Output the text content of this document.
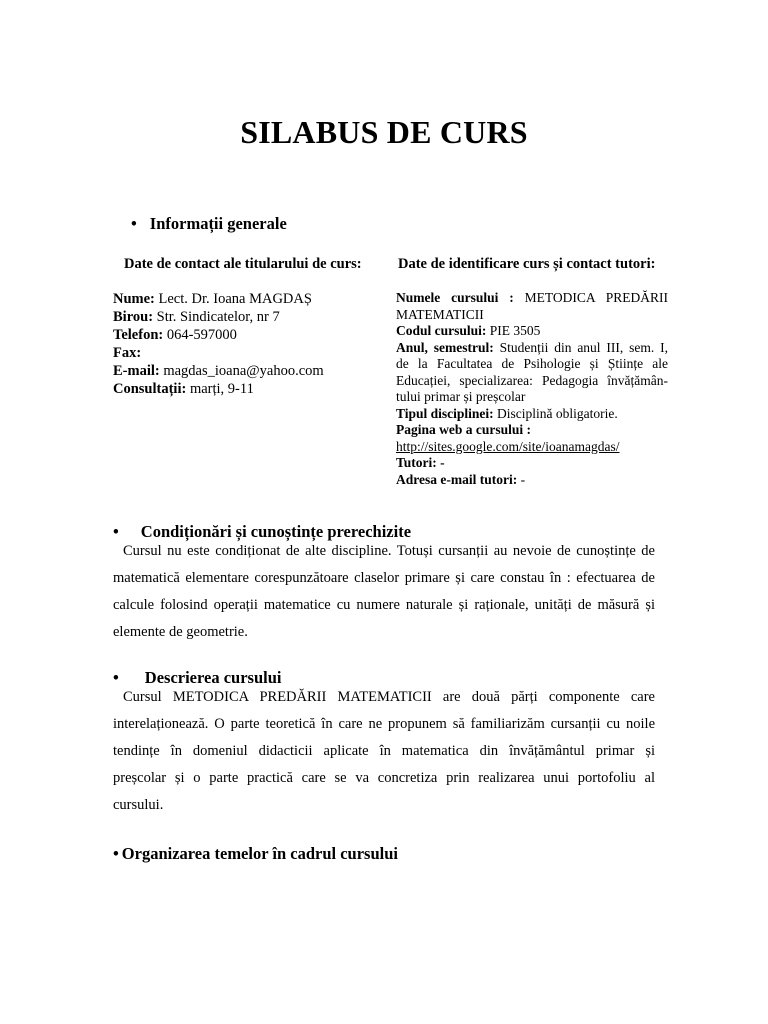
SILABUS DE CURS
• Informații generale
Date de contact ale titularului de curs:	Date de identificare curs și contact tutori:
Nume: Lect. Dr. Ioana MAGDAȘ
Birou: Str. Sindicatelor, nr 7
Telefon: 064-597000
Fax:
E-mail: magdas_ioana@yahoo.com
Consultații: marți, 9-11
Numele cursului : METODICA PREDĂRII
MATEMATICII
Codul cursului: PIE 3505
Anul, semestrul: Studenții din anul III, sem. I,
de la Facultatea de Psihologie și Științe ale
Educației, specializarea: Pedagogia învățămân-
tului primar și preșcolar
Tipul disciplinei: Disciplină obligatorie.
Pagina web a cursului :
http://sites.google.com/site/ioanamagdas/
Tutori: -
Adresa e-mail tutori: -
• Condiționări și cunoștințe prerechizite
Cursul nu este condiționat de alte discipline. Totuși cursanții au nevoie de cunoștințe de
matematică elementare corespunzătoare claselor primare și care constau în : efectuarea de
calcule folosind operații matematice cu numere naturale și raționale, unități de măsură și
elemente de geometrie.
• Descrierea cursului
Cursul METODICA PREDĂRII MATEMATICII are două părți componente care
interelaționează. O parte teoretică în care ne propunem să familiarizăm cursanții cu noile
tendințe în domeniul didacticii aplicate în matematica din învățământul primar și
preșcolar și o parte practică care se va concretiza prin realizarea unui portofoliu al
cursului.
• Organizarea temelor în cadrul cursului
